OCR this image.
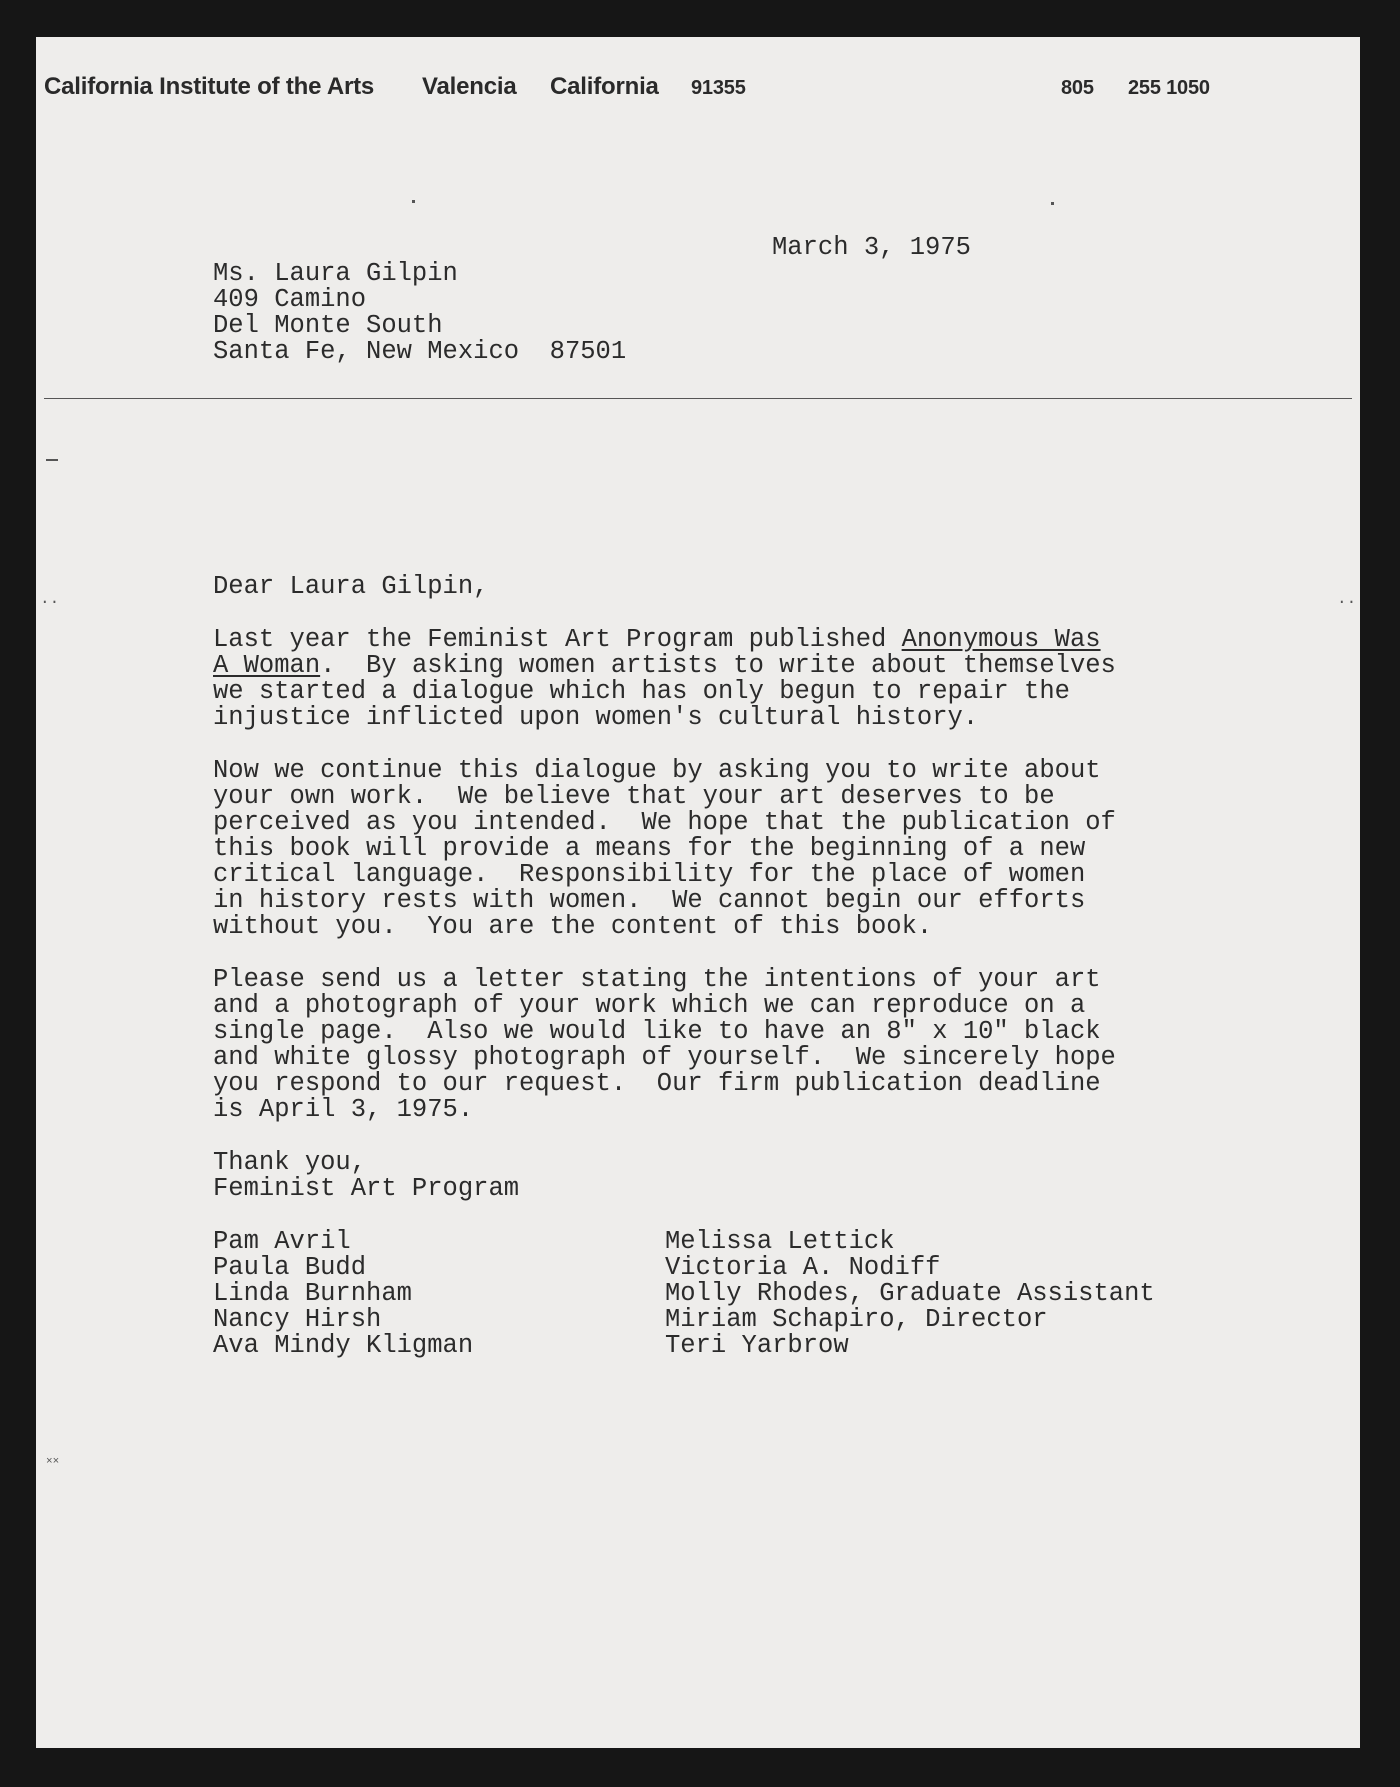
California Institute of the Arts Valencia California 91355	805 255 1050
··	··
March 3, 1975
Ms. Laura Gilpin
409 Camino
Del Monte South
Santa Fe, New Mexico  87501
Dear Laura Gilpin,
Last year the Feminist Art Program published Anonymous Was
A Woman.  By asking women artists to write about themselves
we started a dialogue which has only begun to repair the
injustice inflicted upon women's cultural history.
Now we continue this dialogue by asking you to write about
your own work.  We believe that your art deserves to be
perceived as you intended.  We hope that the publication of
this book will provide a means for the beginning of a new
critical language.  Responsibility for the place of women
in history rests with women.  We cannot begin our efforts
without you.  You are the content of this book.
Please send us a letter stating the intentions of your art
and a photograph of your work which we can reproduce on a
single page.  Also we would like to have an 8" x 10" black
and white glossy photograph of yourself.  We sincerely hope
you respond to our request.  Our firm publication deadline
is April 3, 1975.
Thank you,
Feminist Art Program
Pam Avril
Paula Budd
Linda Burnham
Nancy Hirsh
Ava Mindy Kligman
Melissa Lettick
Victoria A. Nodiff
Molly Rhodes, Graduate Assistant
Miriam Schapiro, Director
Teri Yarbrow
××
